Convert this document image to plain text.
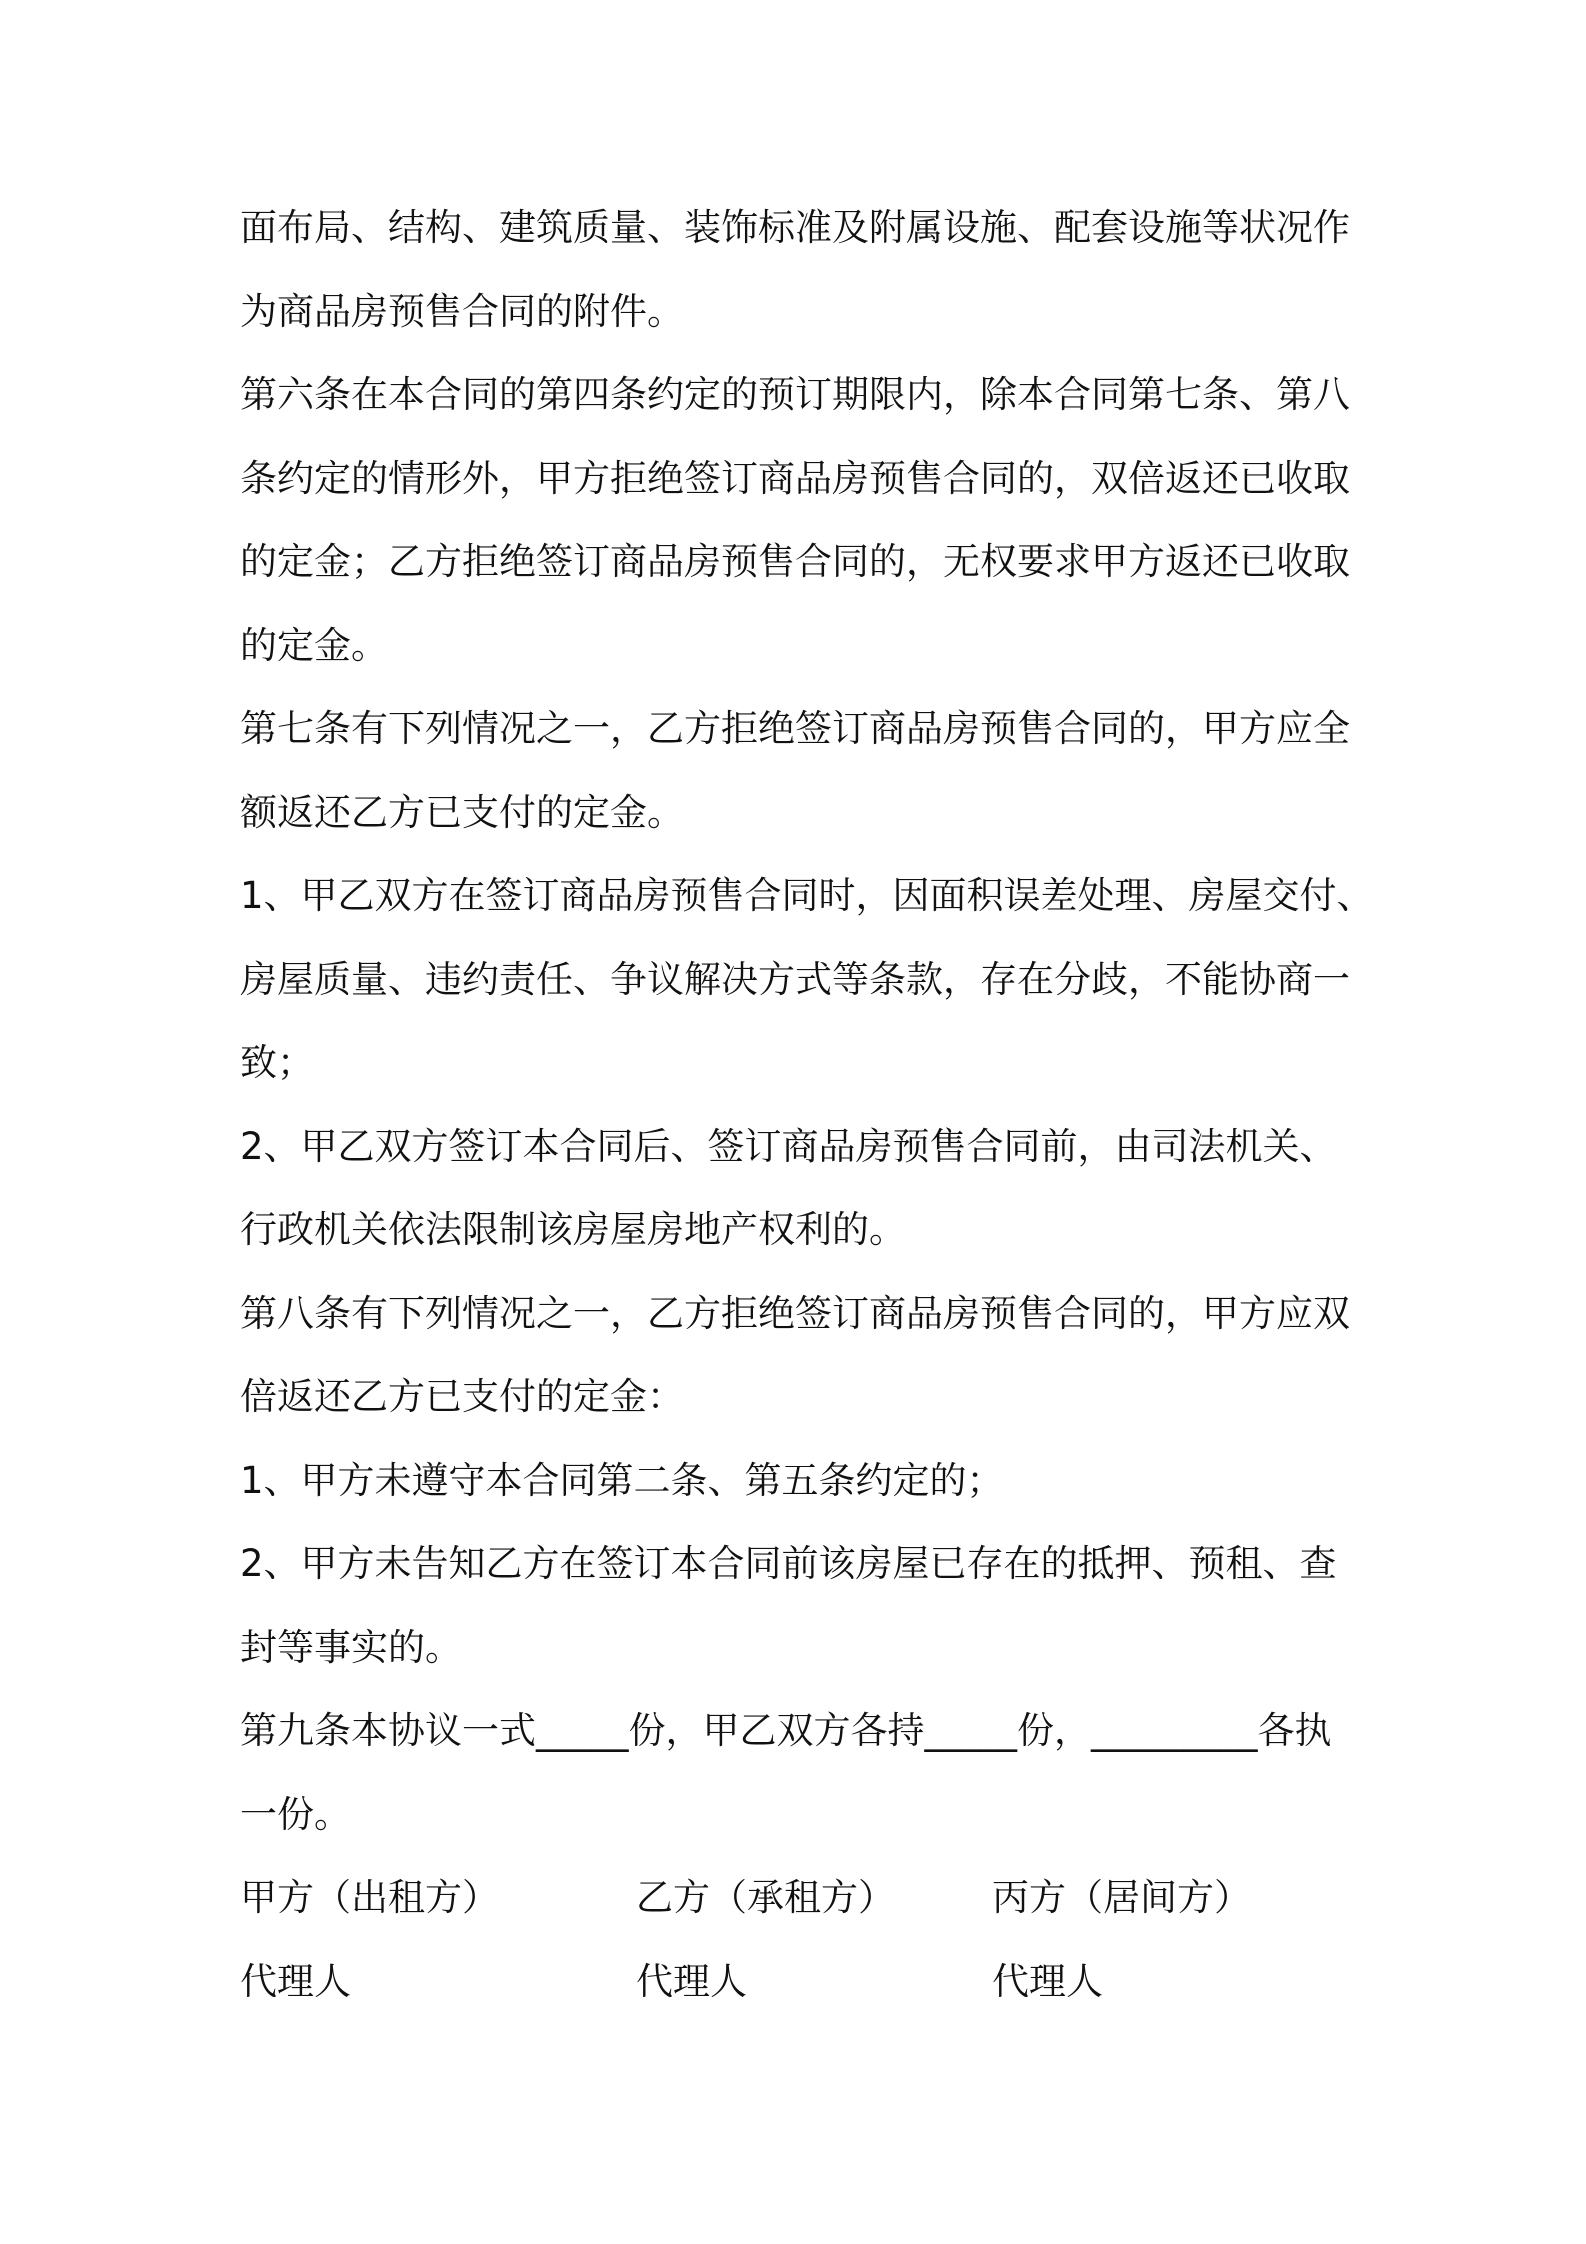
面布局、结构、建筑质量、装饰标准及附属设施、配套设施等状况作
为商品房预售合同的附件。
第六条在本合同的第四条约定的预订期限内，除本合同第七条、第八
条约定的情形外，甲方拒绝签订商品房预售合同的，双倍返还已收取
的定金；乙方拒绝签订商品房预售合同的，无权要求甲方返还已收取
的定金。
第七条有下列情况之一，乙方拒绝签订商品房预售合同的，甲方应全
额返还乙方已支付的定金。
1、甲乙双方在签订商品房预售合同时，因面积误差处理、房屋交付、
房屋质量、违约责任、争议解决方式等条款，存在分歧，不能协商一
致；
2、甲乙双方签订本合同后、签订商品房预售合同前，由司法机关、
行政机关依法限制该房屋房地产权利的。
第八条有下列情况之一，乙方拒绝签订商品房预售合同的，甲方应双
倍返还乙方已支付的定金：
1、甲方未遵守本合同第二条、第五条约定的；
2、甲方未告知乙方在签订本合同前该房屋已存在的抵押、预租、查
封等事实的。
第九条本协议一式_____份，甲乙双方各持_____份，_________各执
一份。
甲方（出租方）	乙方（承租方）	丙方（居间方）
代理人	代理人	代理人
